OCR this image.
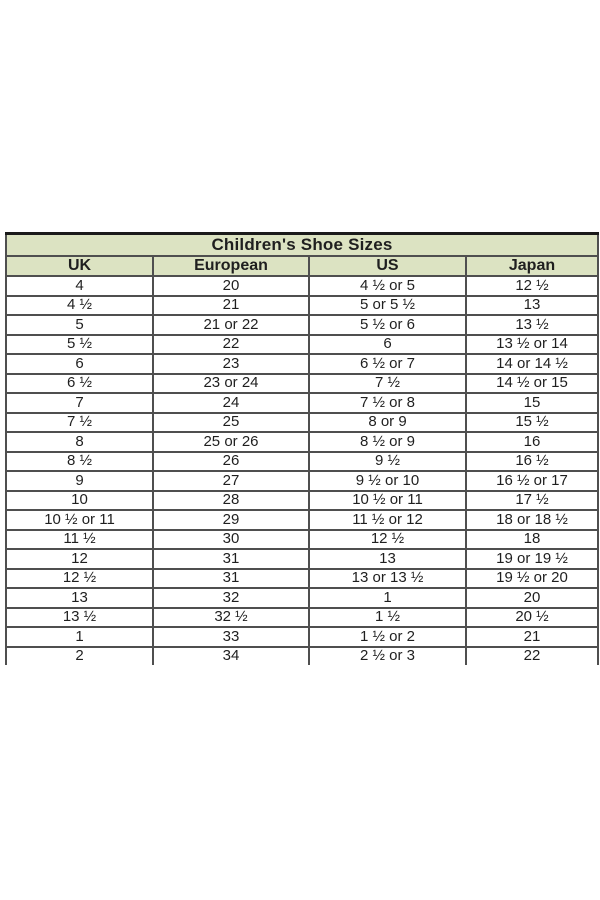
Children's Shoe Sizes			
UK	European	US	Japan
4	20	4 ½ or 5	12 ½
4 ½	21	5 or 5 ½	13
5	21 or 22	5 ½ or 6	13 ½
5 ½	22	6	13 ½ or 14
6	23	6 ½ or 7	14 or 14 ½
6 ½	23 or 24	7 ½	14 ½ or 15
7	24	7 ½ or 8	15
7 ½	25	8 or 9	15 ½
8	25 or 26	8 ½ or 9	16
8 ½	26	9 ½	16 ½
9	27	9 ½ or 10	16 ½ or 17
10	28	10 ½ or 11	17 ½
10 ½ or 11	29	11 ½ or 12	18 or 18 ½
11 ½	30	12 ½	18
12	31	13	19 or 19 ½
12 ½	31	13 or 13 ½	19 ½ or 20
13	32	1	20
13 ½	32 ½	1 ½	20 ½
1	33	1 ½ or 2	21
2	34	2 ½ or 3	22
